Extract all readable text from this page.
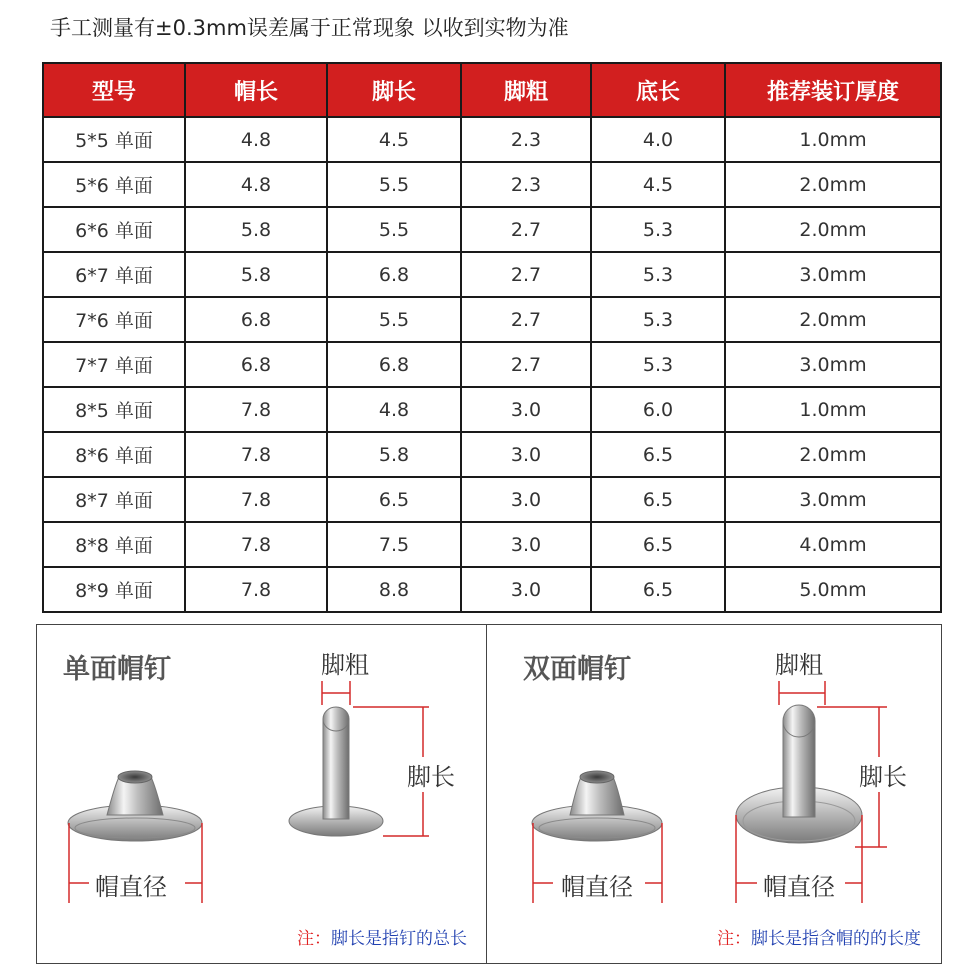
手工测量有±0.3mm误差属于正常现象 以收到实物为准
型号	帽长	脚长	脚粗	底长	推荐装订厚度
5*5 单面	4.8	4.5	2.3	4.0	1.0mm
5*6 单面	4.8	5.5	2.3	4.5	2.0mm
6*6 单面	5.8	5.5	2.7	5.3	2.0mm
6*7 单面	5.8	6.8	2.7	5.3	3.0mm
7*6 单面	6.8	5.5	2.7	5.3	2.0mm
7*7 单面	6.8	6.8	2.7	5.3	3.0mm
8*5 单面	7.8	4.8	3.0	6.0	1.0mm
8*6 单面	7.8	5.8	3.0	6.5	2.0mm
8*7 单面	7.8	6.5	3.0	6.5	3.0mm
8*8 单面	7.8	7.5	3.0	6.5	4.0mm
8*9 单面	7.8	8.8	3.0	6.5	5.0mm
单面帽钉	脚粗
脚长
帽直径
注：脚长是指钉的总长
双面帽钉	脚粗
脚长
帽直径	帽直径
注：脚长是指含帽的的长度
